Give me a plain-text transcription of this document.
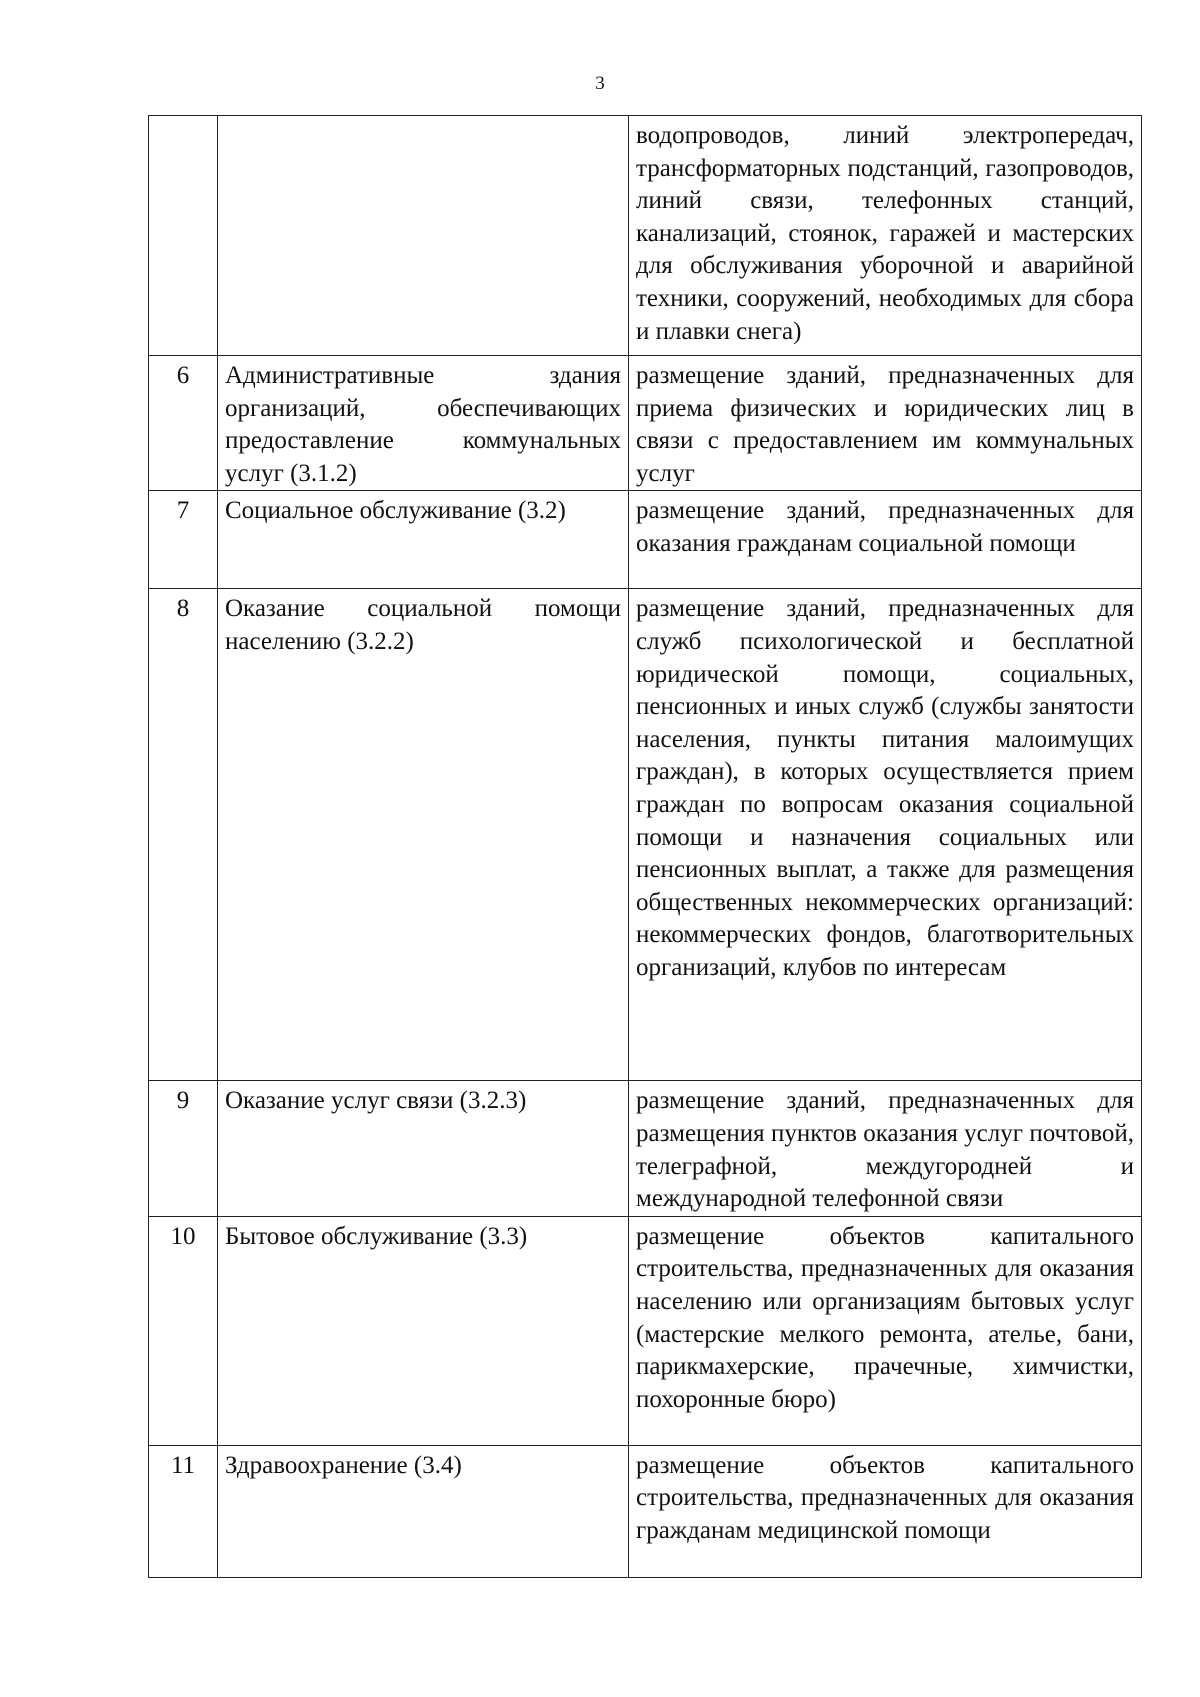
3
		водопроводов, линий электропередач, трансформаторных подстанций, газопроводов, линий связи, телефонных станций, канализаций, стоянок, гаражей и мастерских для обслуживания уборочной и аварийной техники, сооружений, необходимых для сбора и плавки снега)
6	Административные здания организаций, обеспечивающих предоставление коммунальных услуг (3.1.2)	размещение зданий, предназначенных для приема физических и юридических лиц в связи с предоставлением им коммунальных услуг
7	Социальное обслуживание (3.2)	размещение зданий, предназначенных для оказания гражданам социальной помощи
8	Оказание социальной помощи населению (3.2.2)	размещение зданий, предназначенных для служб психологической и бесплатной юридической помощи, социальных, пенсионных и иных служб (службы занятости населения, пункты питания малоимущих граждан), в которых осуществляется прием граждан по вопросам оказания социальной помощи и назначения социальных или пенсионных выплат, а также для размещения общественных некоммерческих организаций: некоммерческих фондов, благотворительных организаций, клубов по интересам
9	Оказание услуг связи (3.2.3)	размещение зданий, предназначенных для размещения пунктов оказания услуг почтовой, телеграфной, междугородней и международной телефонной связи
10	Бытовое обслуживание (3.3)	размещение объектов капитального строительства, предназначенных для оказания населению или организациям бытовых услуг (мастерские мелкого ремонта, ателье, бани, парикмахерские, прачечные, химчистки, похоронные бюро)
11	Здравоохранение (3.4)	размещение объектов капитального строительства, предназначенных для оказания гражданам медицинской помощи
